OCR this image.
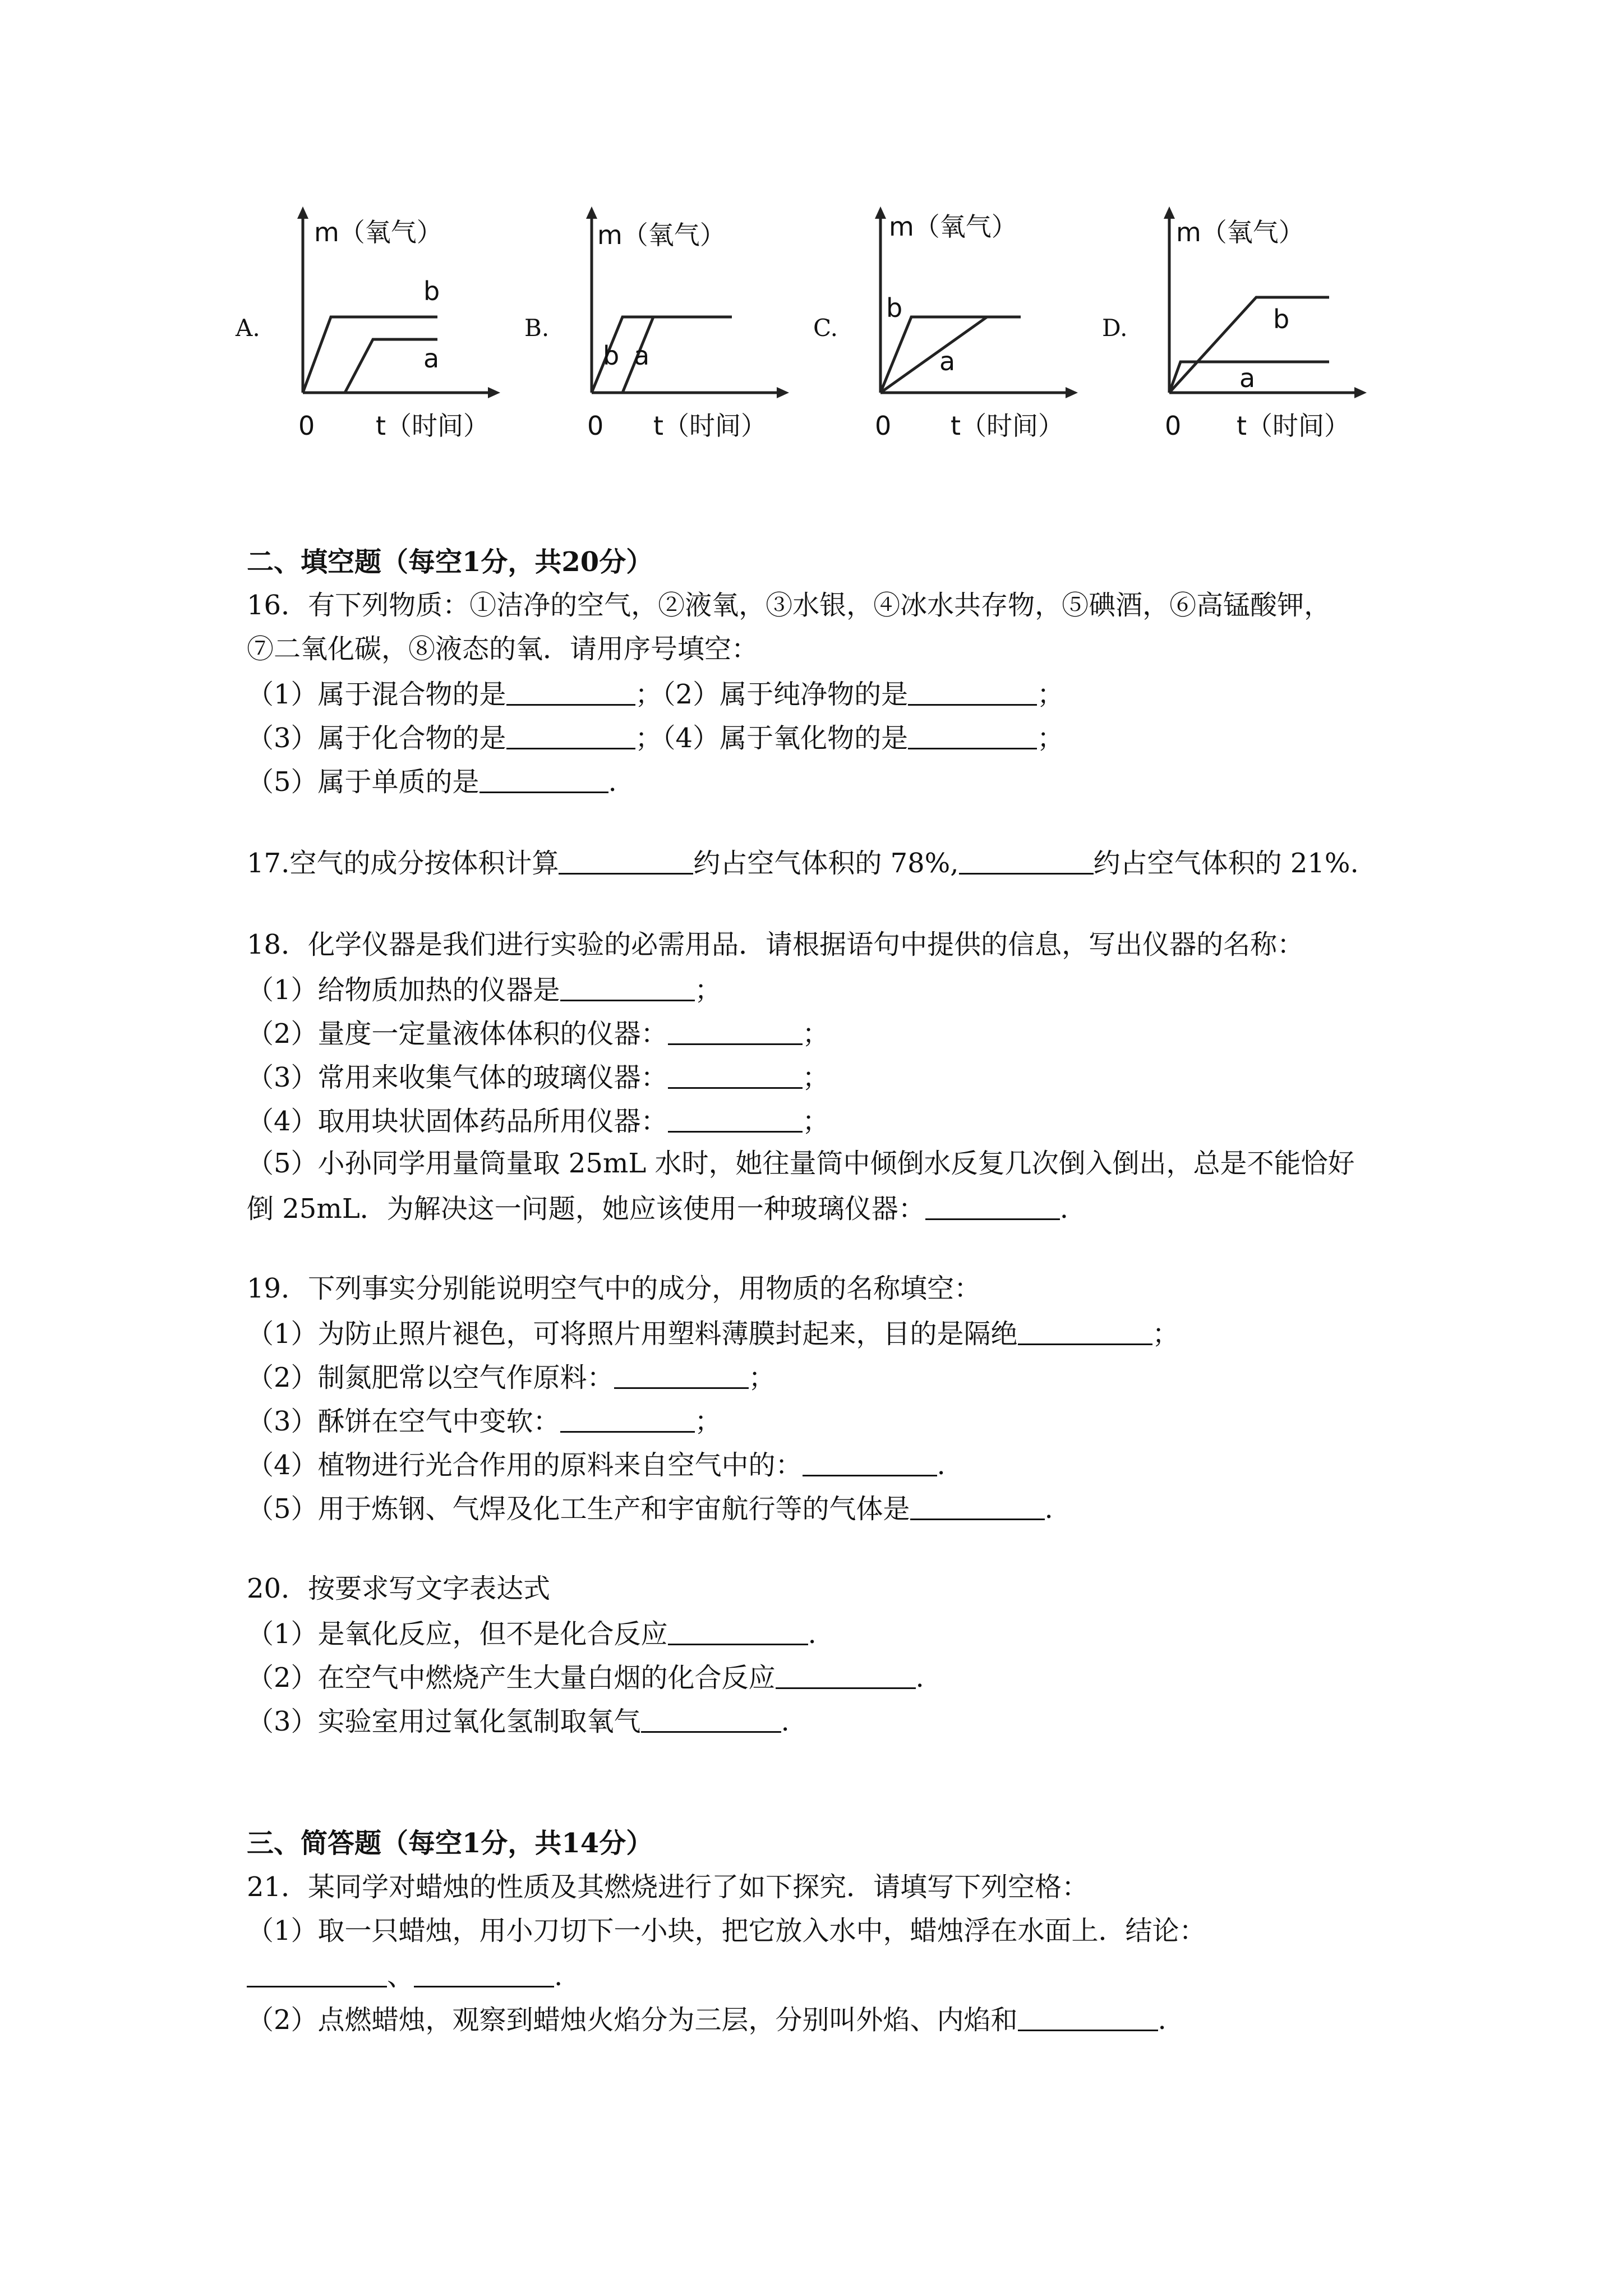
A.
m（氧气）
b
a
0 t（时间）
B.
m（氧气）
b a
0 t（时间）
C.
m（氧气）
b
a
0 t（时间）
D.
m（氧气）
b
a
0 t（时间）
二、填空题（每空1分，共20分）
16．有下列物质：①洁净的空气，②液氧，③水银，④冰水共存物，⑤碘酒，⑥高锰酸钾，
⑦二氧化碳，⑧液态的氧．请用序号填空：
（1）属于混合物的是	；（2）属于纯净物的是	；
（3）属于化合物的是	；（4）属于氧化物的是	；
（5）属于单质的是	.
17.空气的成分按体积计算	约占空气体积的 78%,	约占空气体积的 21%.
18．化学仪器是我们进行实验的必需用品．请根据语句中提供的信息，写出仪器的名称：
（1）给物质加热的仪器是	；
（2）量度一定量液体体积的仪器：	；
（3）常用来收集气体的玻璃仪器：	；
（4）取用块状固体药品所用仪器：	；
（5）小孙同学用量筒量取 25mL 水时，她往量筒中倾倒水反复几次倒入倒出，总是不能恰好
倒 25mL．为解决这一问题，她应该使用一种玻璃仪器：	.
19．下列事实分别能说明空气中的成分，用物质的名称填空：
（1）为防止照片褪色，可将照片用塑料薄膜封起来，目的是隔绝	；
（2）制氮肥常以空气作原料：	；
（3）酥饼在空气中变软：	；
（4）植物进行光合作用的原料来自空气中的：	.
（5）用于炼钢、气焊及化工生产和宇宙航行等的气体是	.
20．按要求写文字表达式
（1）是氧化反应，但不是化合反应	.
（2）在空气中燃烧产生大量白烟的化合反应	.
（3）实验室用过氧化氢制取氧气	.
三、简答题（每空1分，共14分）
21．某同学对蜡烛的性质及其燃烧进行了如下探究．请填写下列空格：
（1）取一只蜡烛，用小刀切下一小块，把它放入水中，蜡烛浮在水面上．结论：
、	.
（2）点燃蜡烛，观察到蜡烛火焰分为三层，分别叫外焰、内焰和	.
